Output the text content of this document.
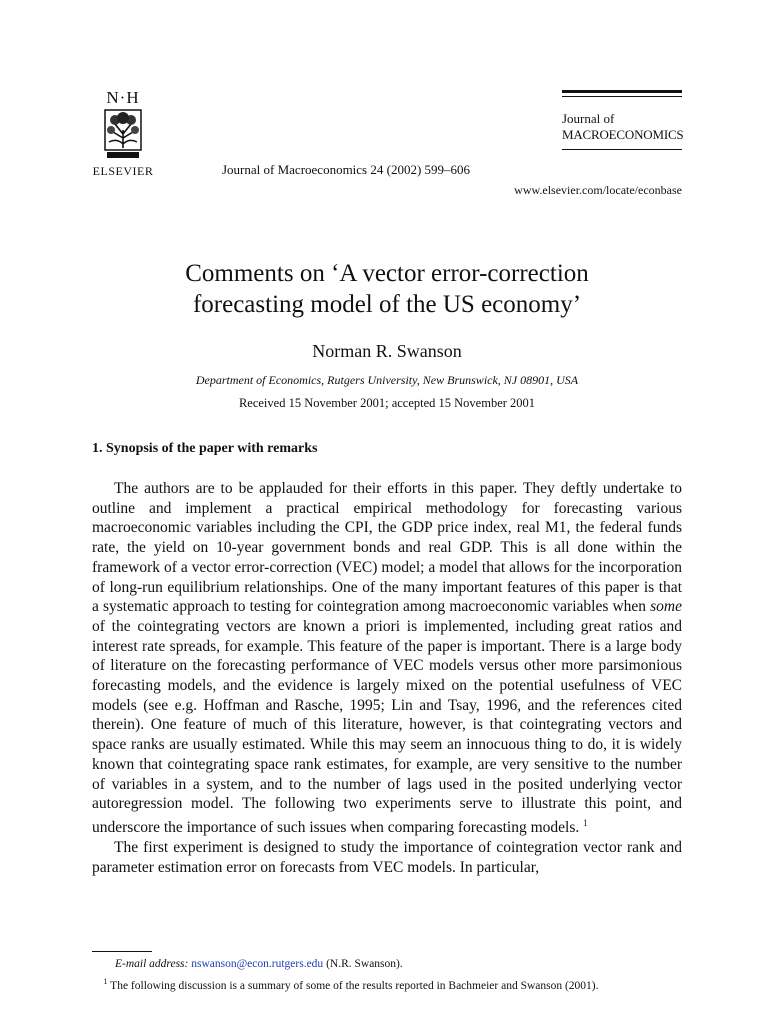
N·H
ELSEVIER	Journal of Macroeconomics 24 (2002) 599–606
Journal of
MACROECONOMICS
www.elsevier.com/locate/econbase
Comments on ‘A vector error-correction
forecasting model of the US economy’
Norman R. Swanson
Department of Economics, Rutgers University, New Brunswick, NJ 08901, USA
Received 15 November 2001; accepted 15 November 2001
1. Synopsis of the paper with remarks

The authors are to be applauded for their efforts in this paper. They deftly undertake to outline and implement a practical empirical methodology for forecasting various macroeconomic variables including the CPI, the GDP price index, real M1, the federal funds rate, the yield on 10-year government bonds and real GDP. This is all done within the framework of a vector error-correction (VEC) model; a model that allows for the incorporation of long-run equilibrium relationships. One of the many important features of this paper is that a systematic approach to testing for cointegration among macroeconomic variables when some of the cointegrating vectors are known a priori is implemented, including great ratios and interest rate spreads, for example. This feature of the paper is important. There is a large body of literature on the forecasting performance of VEC models versus other more parsimonious forecasting models, and the evidence is largely mixed on the potential usefulness of VEC models (see e.g. Hoffman and Rasche, 1995; Lin and Tsay, 1996, and the references cited therein). One feature of much of this literature, however, is that cointegrating vectors and space ranks are usually estimated. While this may seem an innocuous thing to do, it is widely known that cointegrating space rank estimates, for example, are very sensitive to the number of variables in a system, and to the number of lags used in the posited underlying vector autoregression model. The following two experiments serve to illustrate this point, and underscore the importance of such issues when comparing forecasting models. $^1$

The first experiment is designed to study the importance of cointegration vector rank and parameter estimation error on forecasts from VEC models. In particular,

  E-mail address: nswanson@econ.rutgers.edu (N.R. Swanson).
 $^1$ The following discussion is a summary of some of the results reported in Bachmeier and Swanson (2001).
